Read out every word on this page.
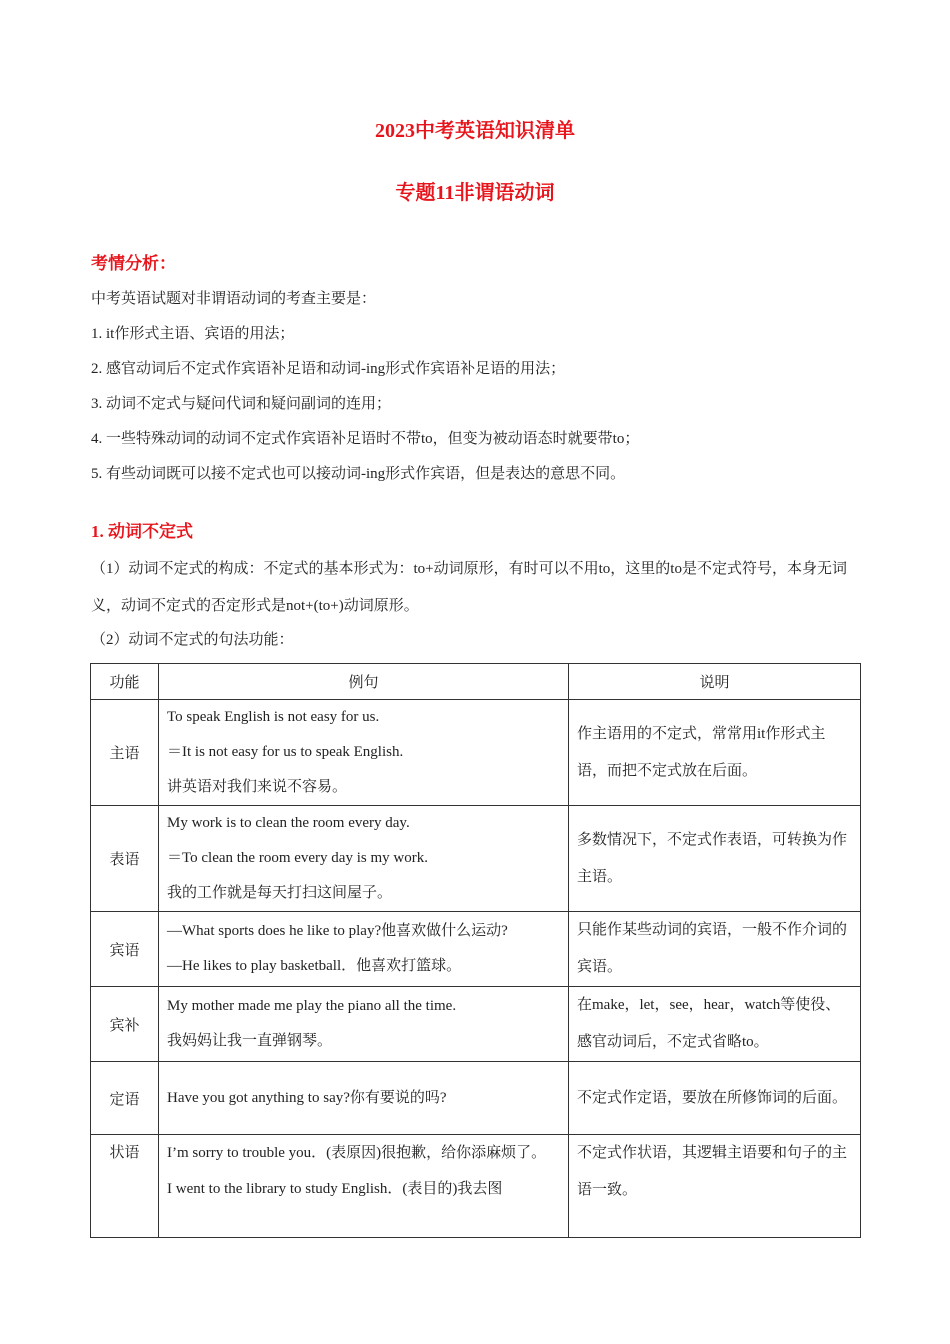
2023中考英语知识清单
专题11非谓语动词
考情分析：
中考英语试题对非谓语动词的考查主要是：
1. it作形式主语、宾语的用法；
2. 感官动词后不定式作宾语补足语和动词-ing形式作宾语补足语的用法；
3. 动词不定式与疑问代词和疑问副词的连用；
4. 一些特殊动词的动词不定式作宾语补足语时不带to，但变为被动语态时就要带to；
5. 有些动词既可以接不定式也可以接动词-ing形式作宾语，但是表达的意思不同。
1. 动词不定式
（1）动词不定式的构成：不定式的基本形式为：to+动词原形，有时可以不用to，这里的to是不定式符号，本身无词义，动词不定式的否定形式是not+(to+)动词原形。
（2）动词不定式的句法功能：
功能	例句	说明
主语	To speak English is not easy for us.
＝It is not easy for us to speak English.
讲英语对我们来说不容易。	作主语用的不定式，常常用it作形式主语，而把不定式放在后面。
表语	My work is to clean the room every day.
＝To clean the room every day is my work.
我的工作就是每天打扫这间屋子。	多数情况下，不定式作表语，可转换为作主语。
宾语	—What sports does he like to play?他喜欢做什么运动?
—He likes to play basketball．他喜欢打篮球。	只能作某些动词的宾语，一般不作介词的宾语。
宾补	My mother made me play the piano all the time.
我妈妈让我一直弹钢琴。	在make，let，see，hear，watch等使役、感官动词后，不定式省略to。
定语	Have you got anything to say?你有要说的吗?	不定式作定语，要放在所修饰词的后面。
状语	I’m sorry to trouble you．(表原因)很抱歉，给你添麻烦了。
I went to the library to study English．(表目的)我去图	不定式作状语，其逻辑主语要和句子的主语一致。
